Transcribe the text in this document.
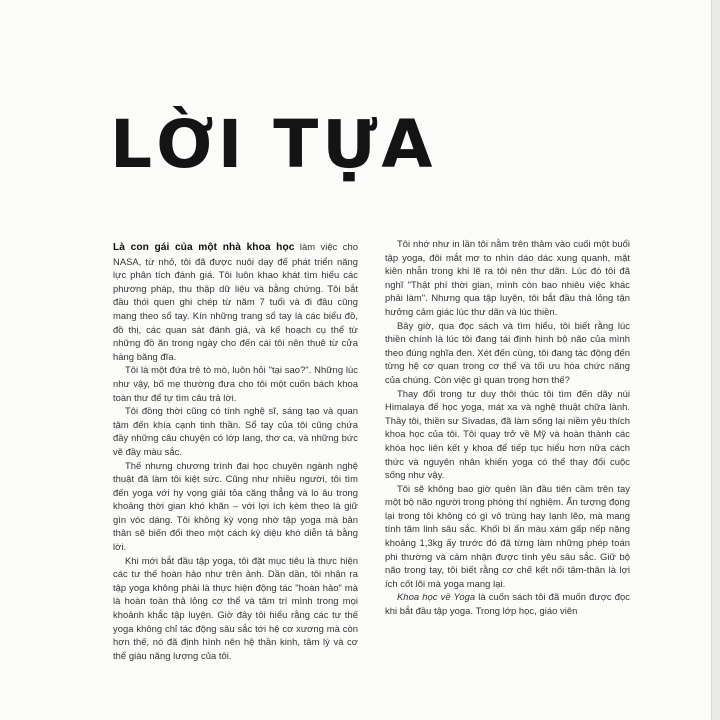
LỜI TỰA

Là con gái của một nhà khoa học làm việc cho NASA, từ nhỏ, tôi đã được nuôi dạy để phát triển năng lực phân tích đánh giá. Tôi luôn khao khát tìm hiểu các phương pháp, thu thập dữ liệu và bằng chứng. Tôi bắt đầu thói quen ghi chép từ năm 7 tuổi và đi đâu cũng mang theo sổ tay. Kín những trang sổ tay là các biểu đồ, đồ thị, các quan sát đánh giá, và kế hoạch cụ thể từ những đồ ăn trong ngày cho đến cái tôi nên thuê từ cửa hàng băng đĩa.

Tôi là một đứa trẻ tò mò, luôn hỏi "tại sao?". Những lúc như vậy, bố mẹ thường đưa cho tôi một cuốn bách khoa toàn thư để tự tìm câu trả lời.

Tôi đồng thời cũng có tính nghệ sĩ, sáng tạo và quan tâm đến khía cạnh tinh thần. Sổ tay của tôi cũng chứa đầy những câu chuyện có lớp lang, thơ ca, và những bức vẽ đầy màu sắc.

Thế nhưng chương trình đại học chuyên ngành nghệ thuật đã làm tôi kiệt sức. Cũng như nhiều người, tôi tìm đến yoga với hy vọng giải tỏa căng thẳng và lo âu trong khoảng thời gian khó khăn – với lợi ích kèm theo là giữ gìn vóc dáng. Tôi không kỳ vọng nhờ tập yoga mà bản thân sẽ biến đổi theo một cách kỳ diệu khó diễn tả bằng lời.

Khi mới bắt đầu tập yoga, tôi đặt mục tiêu là thực hiện các tư thế hoàn hảo như trên ảnh. Dần dần, tôi nhận ra tập yoga không phải là thực hiện động tác "hoàn hảo" mà là hoàn toàn thả lỏng cơ thể và tâm trí mình trong mọi khoảnh khắc tập luyện. Giờ đây tôi hiểu rằng các tư thế yoga không chỉ tác động sâu sắc tới hệ cơ xương mà còn hơn thế, nó đã định hình nên hệ thần kinh, tâm lý và cơ thể giàu năng lượng của tôi.

Tôi nhớ như in lần tôi nằm trên thảm vào cuối một buổi tập yoga, đôi mắt mơ to nhìn dáo dác xung quanh, mặt kiên nhẫn trong khi lẽ ra tôi nên thư dãn. Lúc đó tôi đã nghĩ "Thật phí thời gian, mình còn bao nhiêu việc khác phải làm". Nhưng qua tập luyện, tôi bắt đầu thả lỏng tận hưởng cảm giác lúc thư dãn và lúc thiền.

Bây giờ, qua đọc sách và tìm hiểu, tôi biết rằng lúc thiền chính là lúc tôi đang tái định hình bộ não của mình theo đúng nghĩa đen. Xét đến cùng, tôi đang tác động đến từng hệ cơ quan trong cơ thể và tối ưu hóa chức năng của chúng. Còn việc gì quan trọng hơn thế?

Thay đổi trong tư duy thôi thúc tôi tìm đến dãy núi Himalaya để học yoga, mát xa và nghệ thuật chữa lành. Thầy tôi, thiền sư Sivadas, đã làm sống lại niềm yêu thích khoa học của tôi. Tôi quay trở về Mỹ và hoàn thành các khóa học liên kết y khoa để tiếp tục hiểu hơn nữa cách thức và nguyên nhân khiến yoga có thể thay đổi cuộc sống như vậy.

Tôi sẽ không bao giờ quên lần đầu tiên cầm trên tay một bộ não người trong phòng thí nghiệm. Ấn tượng đọng lại trong tôi không có gì vô trùng hay lạnh lẽo, mà mang tính tâm linh sâu sắc. Khối bì ẩn màu xám gấp nếp nặng khoảng 1,3kg ấy trước đó đã từng làm những phép toán phi thường và cảm nhận được tình yêu sâu sắc. Giữ bộ não trong tay, tôi biết rằng cơ chế kết nối tâm-thân là lợi ích cốt lõi mà yoga mang lại.

Khoa học về Yoga là cuốn sách tôi đã muốn được đọc khi bắt đầu tập yoga. Trong lớp học, giáo viên
